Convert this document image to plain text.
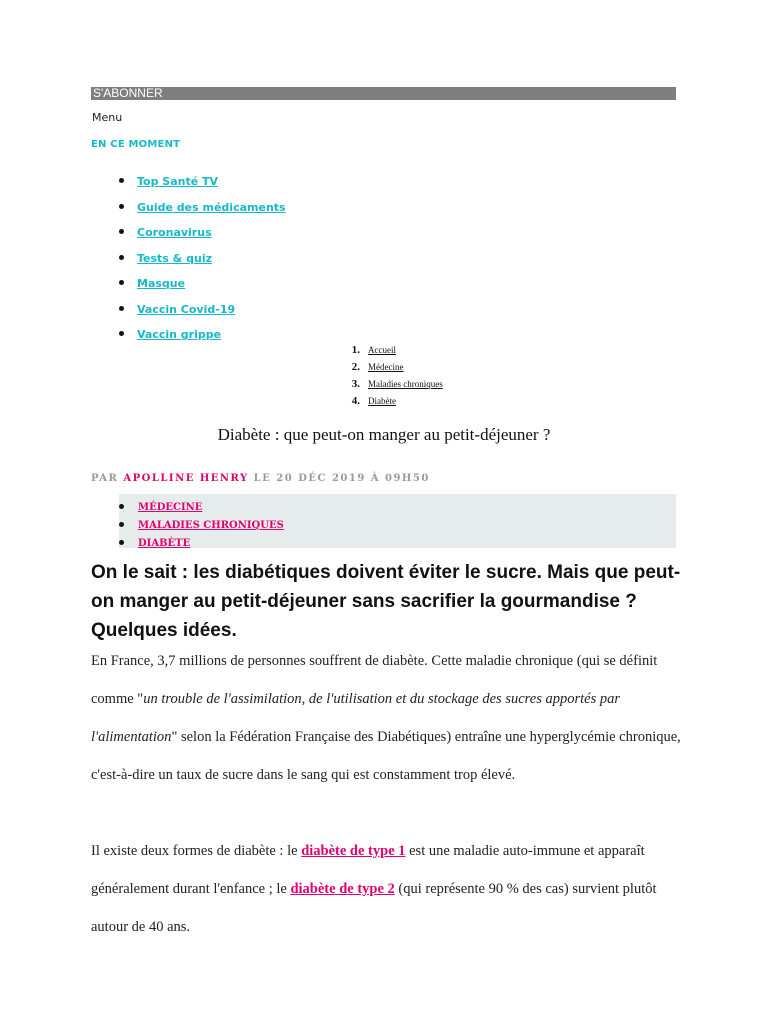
S'ABONNER
Menu
EN CE MOMENT
Top Santé TV
Guide des médicaments
Coronavirus
Tests & quiz
Masque
Vaccin Covid-19
Vaccin grippe
1. Accueil
2. Médecine
3. Maladies chroniques
4. Diabète
Diabète : que peut-on manger au petit-déjeuner ?
PAR APOLLINE HENRY LE 20 DÉC 2019 À 09H50
MÉDECINE
MALADIES CHRONIQUES
DIABÈTE
On le sait : les diabétiques doivent éviter le sucre. Mais que peut-on manger au petit-déjeuner sans sacrifier la gourmandise ? Quelques idées.
En France, 3,7 millions de personnes souffrent de diabète. Cette maladie chronique (qui se définit comme "un trouble de l'assimilation, de l'utilisation et du stockage des sucres apportés par l'alimentation" selon la Fédération Française des Diabétiques) entraîne une hyperglycémie chronique, c'est-à-dire un taux de sucre dans le sang qui est constamment trop élevé.
Il existe deux formes de diabète : le diabète de type 1 est une maladie auto-immune et apparaît généralement durant l'enfance ; le diabète de type 2 (qui représente 90 % des cas) survient plutôt autour de 40 ans.
